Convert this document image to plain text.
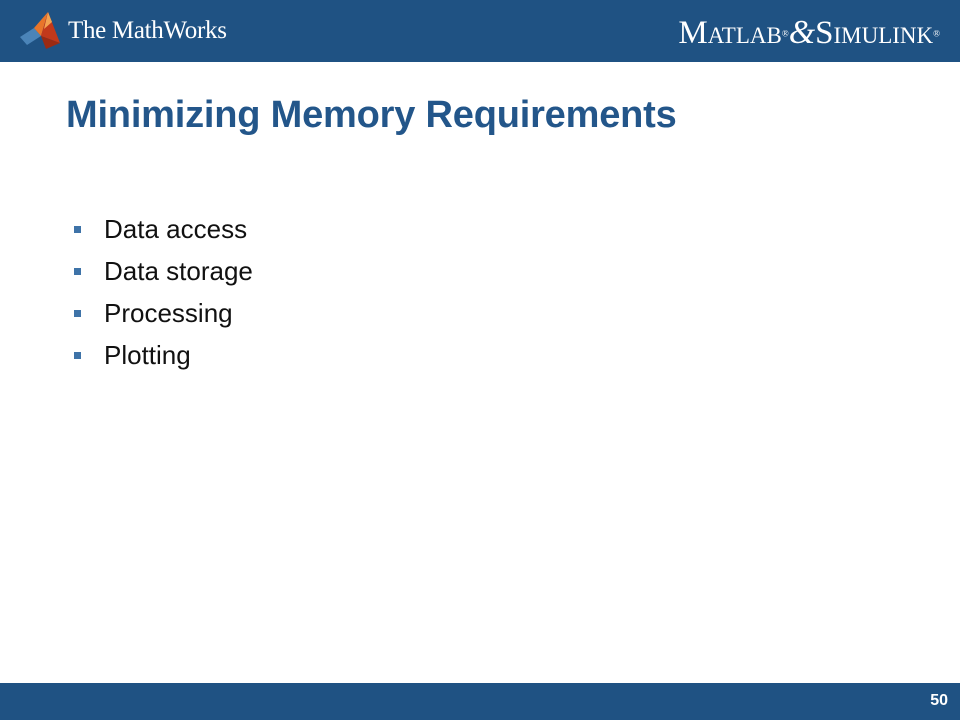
The MathWorks	MATLAB®&SIMULINK®
Minimizing Memory Requirements
Data access
Data storage
Processing
Plotting
50
